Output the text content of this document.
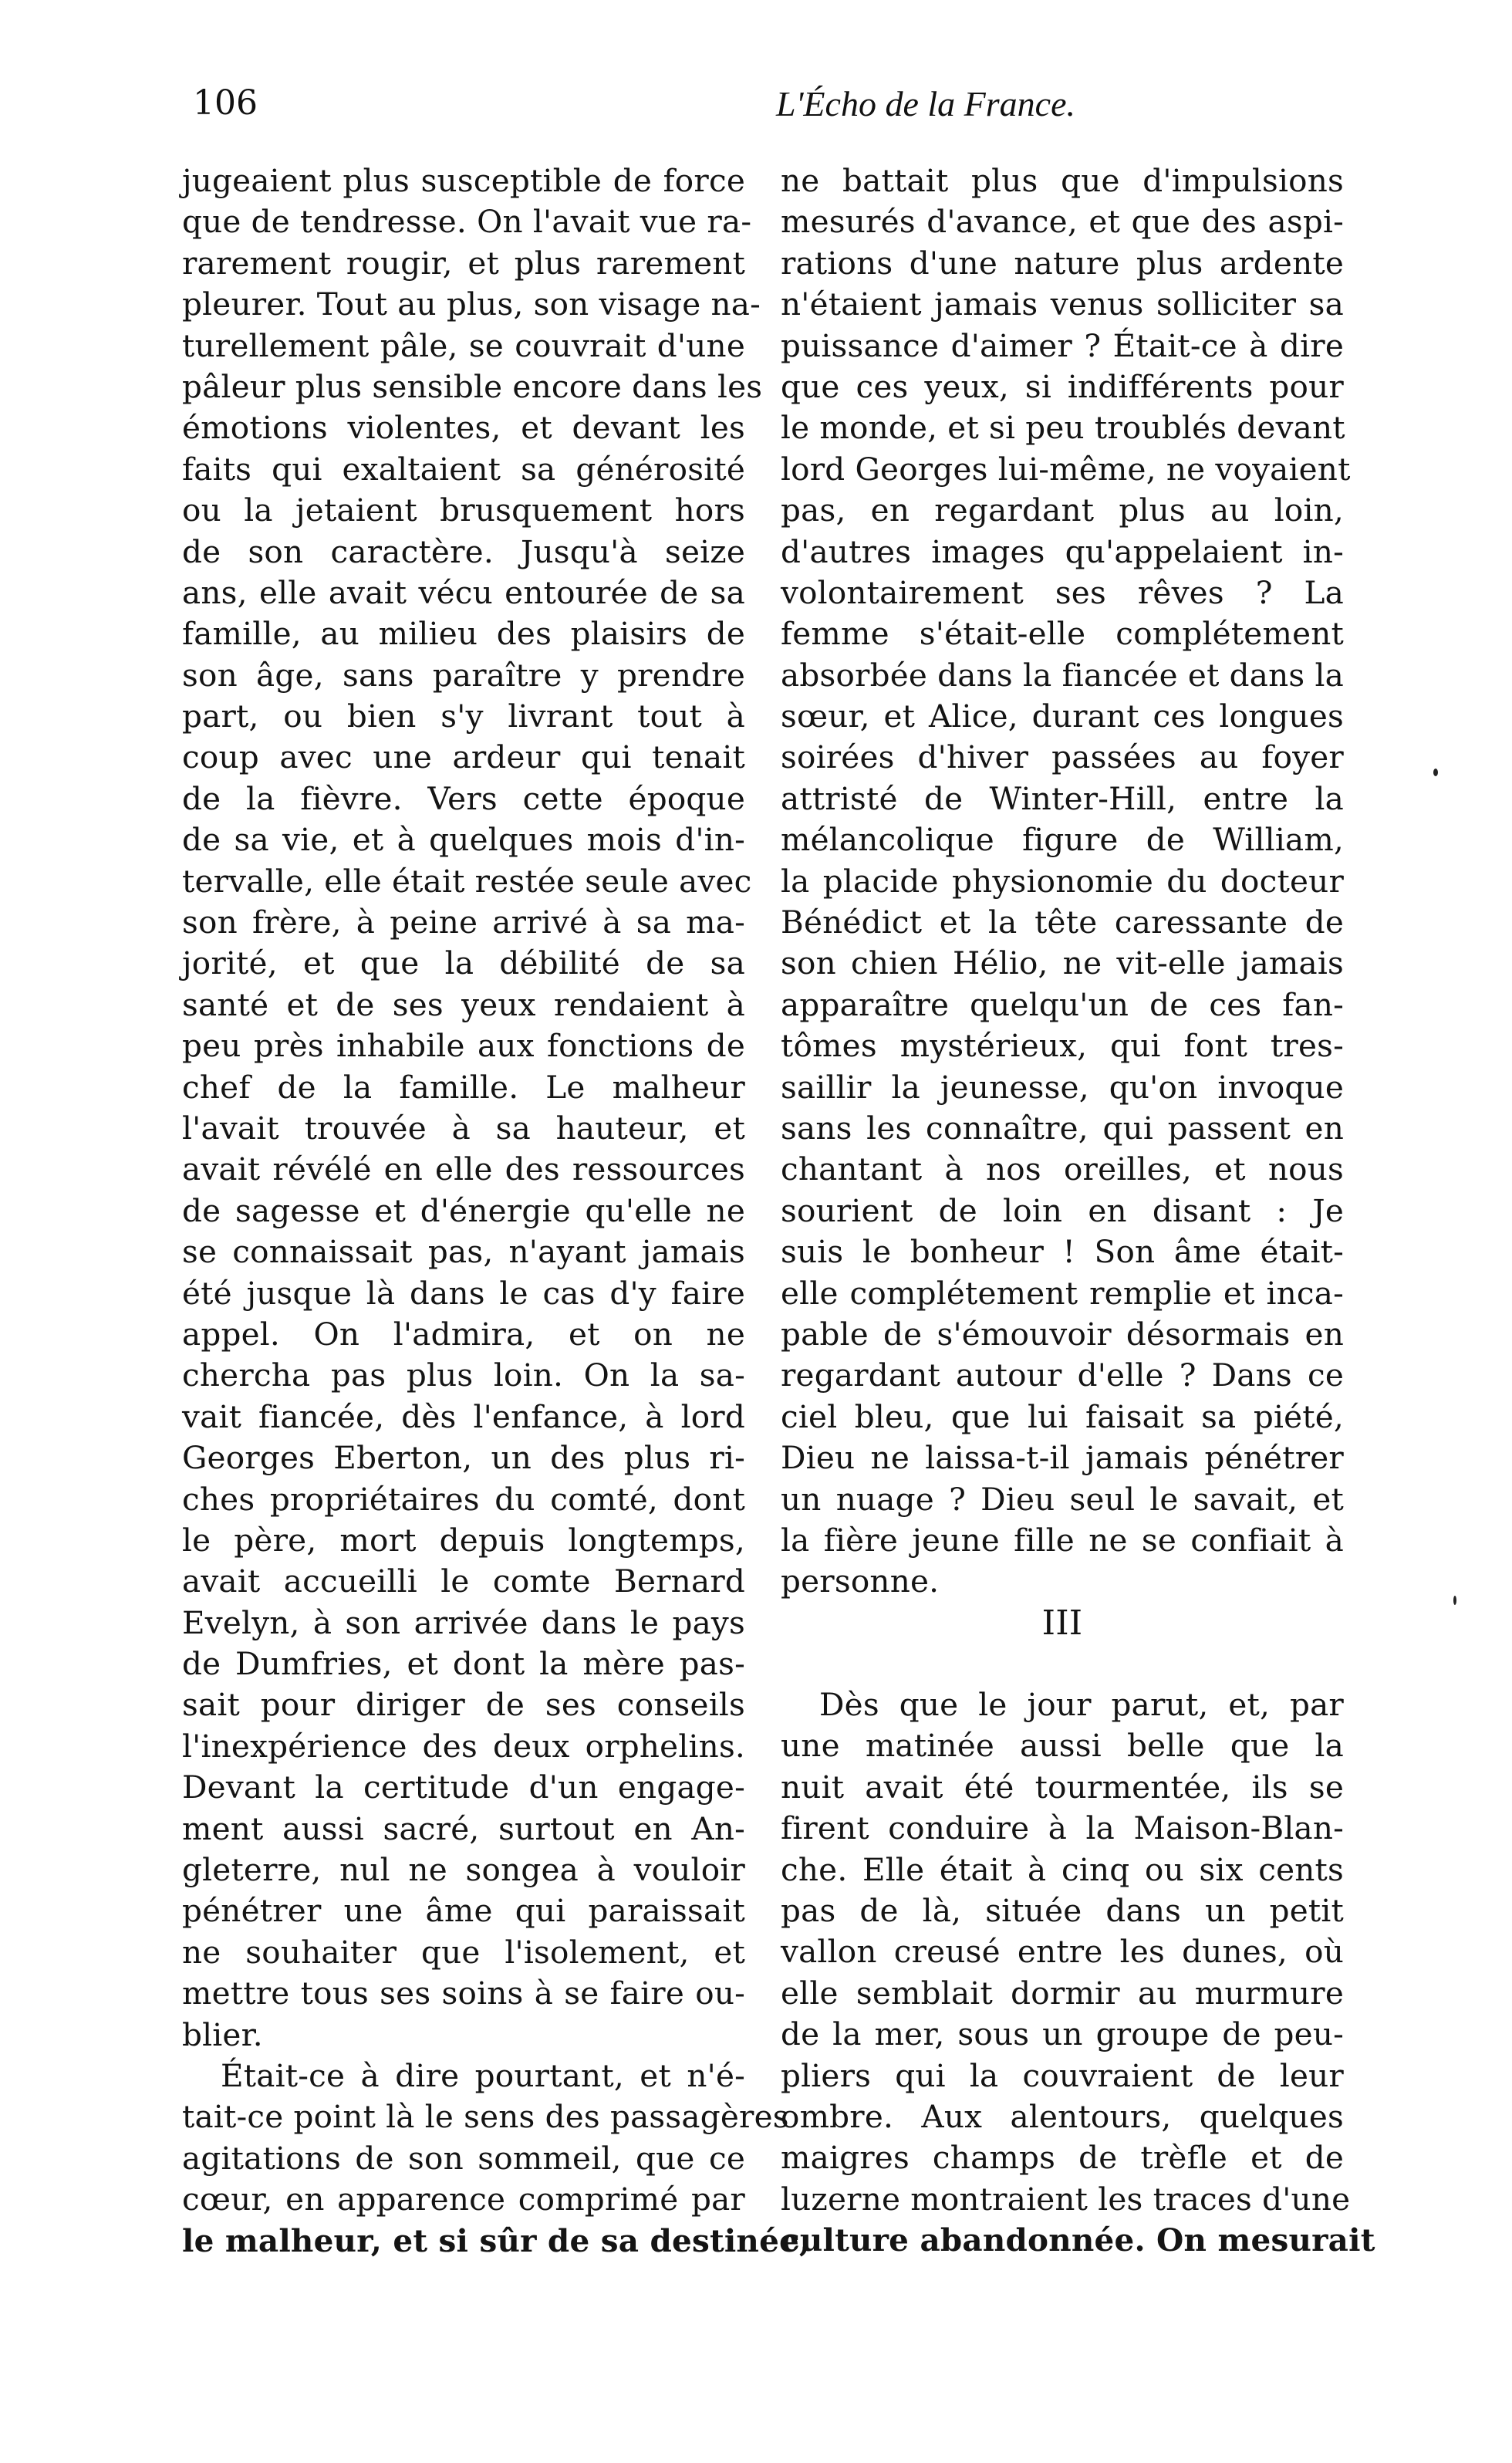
106	L'Écho de la France.
jugeaient plus susceptible de force
que de tendresse. On l'avait vue ra-
rarement rougir, et plus rarement
pleurer. Tout au plus, son visage na-
turellement pâle, se couvrait d'une
pâleur plus sensible encore dans les
émotions violentes, et devant les
faits qui exaltaient sa générosité
ou la jetaient brusquement hors
de son caractère. Jusqu'à seize
ans, elle avait vécu entourée de sa
famille, au milieu des plaisirs de
son âge, sans paraître y prendre
part, ou bien s'y livrant tout à
coup avec une ardeur qui tenait
de la fièvre. Vers cette époque
de sa vie, et à quelques mois d'in-
tervalle, elle était restée seule avec
son frère, à peine arrivé à sa ma-
jorité, et que la débilité de sa
santé et de ses yeux rendaient à
peu près inhabile aux fonctions de
chef de la famille. Le malheur
l'avait trouvée à sa hauteur, et
avait révélé en elle des ressources
de sagesse et d'énergie qu'elle ne
se connaissait pas, n'ayant jamais
été jusque là dans le cas d'y faire
appel. On l'admira, et on ne
chercha pas plus loin. On la sa-
vait fiancée, dès l'enfance, à lord
Georges Eberton, un des plus ri-
ches propriétaires du comté, dont
le père, mort depuis longtemps,
avait accueilli le comte Bernard
Evelyn, à son arrivée dans le pays
de Dumfries, et dont la mère pas-
sait pour diriger de ses conseils
l'inexpérience des deux orphelins.
Devant la certitude d'un engage-
ment aussi sacré, surtout en An-
gleterre, nul ne songea à vouloir
pénétrer une âme qui paraissait
ne souhaiter que l'isolement, et
mettre tous ses soins à se faire ou-
blier.
Était-ce à dire pourtant, et n'é-
tait-ce point là le sens des passagères
agitations de son sommeil, que ce
cœur, en apparence comprimé par
le malheur, et si sûr de sa destinée,
ne battait plus que d'impulsions
mesurés d'avance, et que des aspi-
rations d'une nature plus ardente
n'étaient jamais venus solliciter sa
puissance d'aimer ? Était-ce à dire
que ces yeux, si indifférents pour
le monde, et si peu troublés devant
lord Georges lui-même, ne voyaient
pas, en regardant plus au loin,
d'autres images qu'appelaient in-
volontairement ses rêves ? La
femme s'était-elle complétement
absorbée dans la fiancée et dans la
sœur, et Alice, durant ces longues
soirées d'hiver passées au foyer
attristé de Winter-Hill, entre la
mélancolique figure de William,
la placide physionomie du docteur
Bénédict et la tête caressante de
son chien Hélio, ne vit-elle jamais
apparaître quelqu'un de ces fan-
tômes mystérieux, qui font tres-
saillir la jeunesse, qu'on invoque
sans les connaître, qui passent en
chantant à nos oreilles, et nous
sourient de loin en disant : Je
suis le bonheur ! Son âme était-
elle complétement remplie et inca-
pable de s'émouvoir désormais en
regardant autour d'elle ? Dans ce
ciel bleu, que lui faisait sa piété,
Dieu ne laissa-t-il jamais pénétrer
un nuage ? Dieu seul le savait, et
la fière jeune fille ne se confiait à
personne.
III
Dès que le jour parut, et, par
une matinée aussi belle que la
nuit avait été tourmentée, ils se
firent conduire à la Maison-Blan-
che. Elle était à cinq ou six cents
pas de là, située dans un petit
vallon creusé entre les dunes, où
elle semblait dormir au murmure
de la mer, sous un groupe de peu-
pliers qui la couvraient de leur
ombre. Aux alentours, quelques
maigres champs de trèfle et de
luzerne montraient les traces d'une
culture abandonnée. On mesurait
